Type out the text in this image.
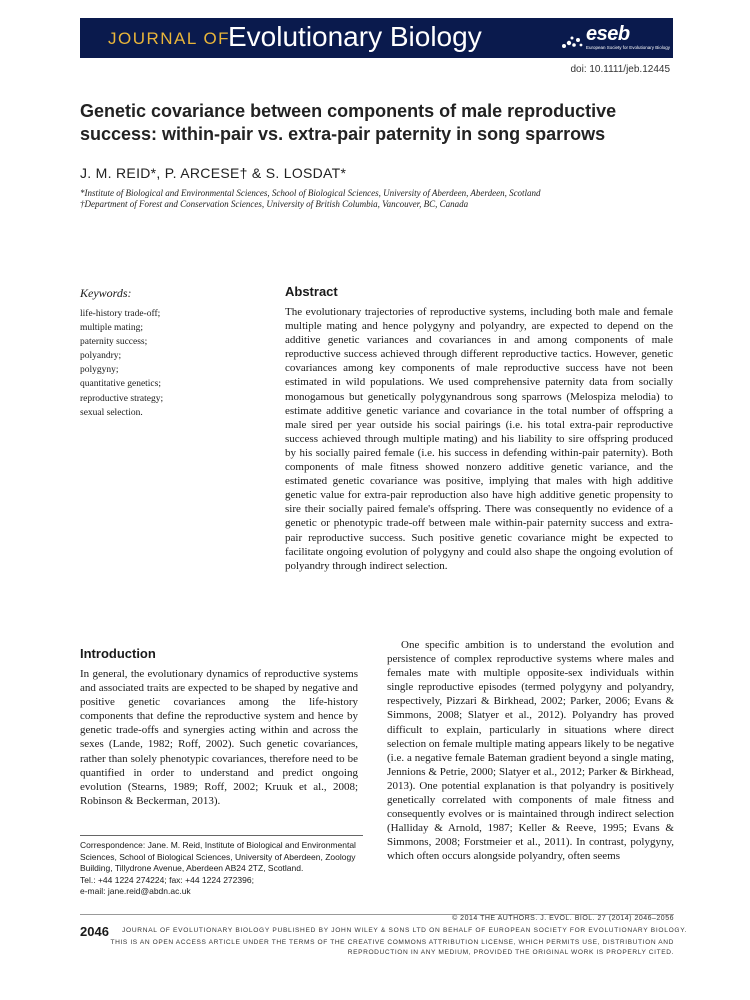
JOURNAL OF
Evolutionary Biology	eseb
European Society for Evolutionary Biology
doi: 10.1111/jeb.12445
Genetic covariance between components of male reproductive success: within-pair vs. extra-pair paternity in song sparrows
J. M. REID*, P. ARCESE† & S. LOSDAT*
*Institute of Biological and Environmental Sciences, School of Biological Sciences, University of Aberdeen, Aberdeen, Scotland
†Department of Forest and Conservation Sciences, University of British Columbia, Vancouver, BC, Canada
Keywords:
life-history trade-off;
multiple mating;
paternity success;
polyandry;
polygyny;
quantitative genetics;
reproductive strategy;
sexual selection.
Abstract

The evolutionary trajectories of reproductive systems, including both male and female multiple mating and hence polygyny and polyandry, are expected to depend on the additive genetic variances and covariances in and among components of male reproductive success achieved through different reproductive tactics. However, genetic covariances among key components of male reproductive success have not been estimated in wild populations. We used comprehensive paternity data from socially monogamous but genetically polygynandrous song sparrows (Melospiza melodia) to estimate additive genetic variance and covariance in the total number of offspring a male sired per year outside his social pairings (i.e. his total extra-pair reproductive success achieved through multiple mating) and his liability to sire offspring produced by his socially paired female (i.e. his success in defending within-pair paternity). Both components of male fitness showed nonzero additive genetic variance, and the estimated genetic covariance was positive, implying that males with high additive genetic value for extra-pair reproduction also have high additive genetic propensity to sire their socially paired female's offspring. There was consequently no evidence of a genetic or phenotypic trade-off between male within-pair paternity success and extra-pair reproductive success. Such positive genetic covariance might be expected to facilitate ongoing evolution of polygyny and could also shape the ongoing evolution of polyandry through indirect selection.

Introduction

In general, the evolutionary dynamics of reproductive systems and associated traits are expected to be shaped by negative and positive genetic covariances among the life-history components that define the reproductive system and hence by genetic trade-offs and synergies acting within and across the sexes (Lande, 1982; Roff, 2002). Such genetic covariances, rather than solely phenotypic covariances, therefore need to be quantified in order to understand and predict ongoing evolution (Stearns, 1989; Roff, 2002; Kruuk et al., 2008; Robinson & Beckerman, 2013).

One specific ambition is to understand the evolution and persistence of complex reproductive systems where males and females mate with multiple opposite-sex individuals within single reproductive episodes (termed polygyny and polyandry, respectively, Pizzari & Birkhead, 2002; Parker, 2006; Evans & Simmons, 2008; Slatyer et al., 2012). Polyandry has proved difficult to explain, particularly in situations where direct selection on female multiple mating appears likely to be negative (i.e. a negative female Bateman gradient beyond a single mating, Jennions & Petrie, 2000; Slatyer et al., 2012; Parker & Birkhead, 2013). One potential explanation is that polyandry is positively genetically correlated with components of male fitness and consequently evolves or is maintained through indirect selection (Halliday & Arnold, 1987; Keller & Reeve, 1995; Evans & Simmons, 2008; Forstmeier et al., 2011). In contrast, polygyny, which often occurs alongside polyandry, often seems

Correspondence: Jane. M. Reid, Institute of Biological and Environmental Sciences, School of Biological Sciences, University of Aberdeen, Zoology Building, Tillydrone Avenue, Aberdeen AB24 2TZ, Scotland.

Tel.: +44 1224 274224; fax: +44 1224 272396;

e-mail: jane.reid@abdn.ac.uk

© 2014 THE AUTHORS. J. EVOL. BIOL. 27 (2014) 2046–2056
2046 JOURNAL OF EVOLUTIONARY BIOLOGY PUBLISHED BY JOHN WILEY & SONS LTD ON BEHALF OF EUROPEAN SOCIETY FOR EVOLUTIONARY BIOLOGY.

THIS IS AN OPEN ACCESS ARTICLE UNDER THE TERMS OF THE CREATIVE COMMONS ATTRIBUTION LICENSE, WHICH PERMITS USE, DISTRIBUTION AND REPRODUCTION IN ANY MEDIUM, PROVIDED THE ORIGINAL WORK IS PROPERLY CITED.
